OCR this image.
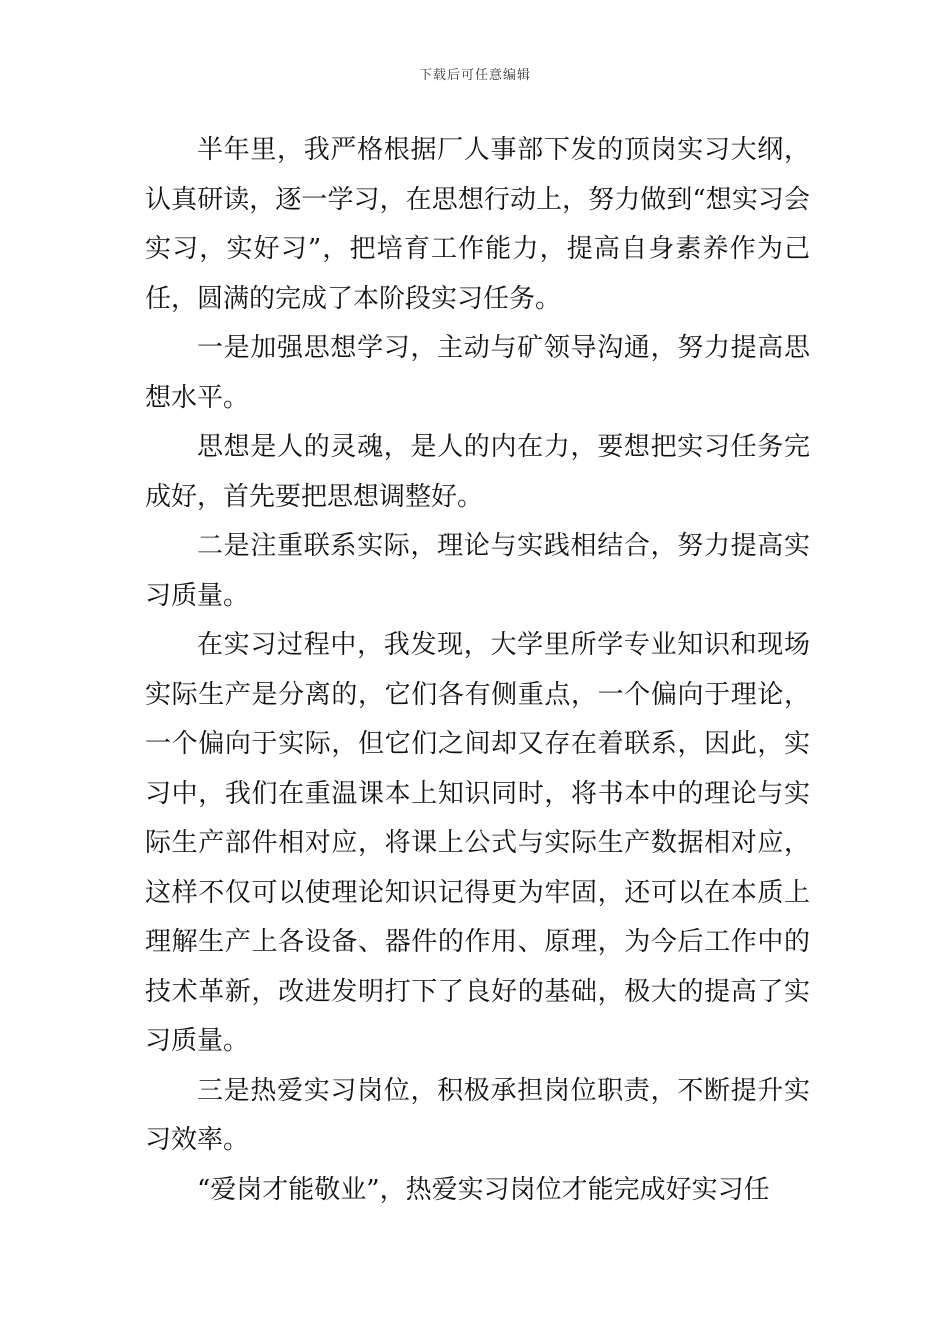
下载后可任意编辑

半年里，我严格根据厂人事部下发的顶岗实习大纲，认真研读，逐一学习，在思想行动上，努力做到“想实习会实习，实好习”，把培育工作能力，提高自身素养作为己任，圆满的完成了本阶段实习任务。

一是加强思想学习，主动与矿领导沟通，努力提高思想水平。

思想是人的灵魂，是人的内在力，要想把实习任务完成好，首先要把思想调整好。

二是注重联系实际，理论与实践相结合，努力提高实习质量。

在实习过程中，我发现，大学里所学专业知识和现场实际生产是分离的，它们各有侧重点，一个偏向于理论，一个偏向于实际，但它们之间却又存在着联系，因此，实习中，我们在重温课本上知识同时，将书本中的理论与实际生产部件相对应，将课上公式与实际生产数据相对应，这样不仅可以使理论知识记得更为牢固，还可以在本质上理解生产上各设备、器件的作用、原理，为今后工作中的技术革新，改进发明打下了良好的基础，极大的提高了实习质量。

三是热爱实习岗位，积极承担岗位职责，不断提升实习效率。

“爱岗才能敬业”，热爱实习岗位才能完成好实习任
